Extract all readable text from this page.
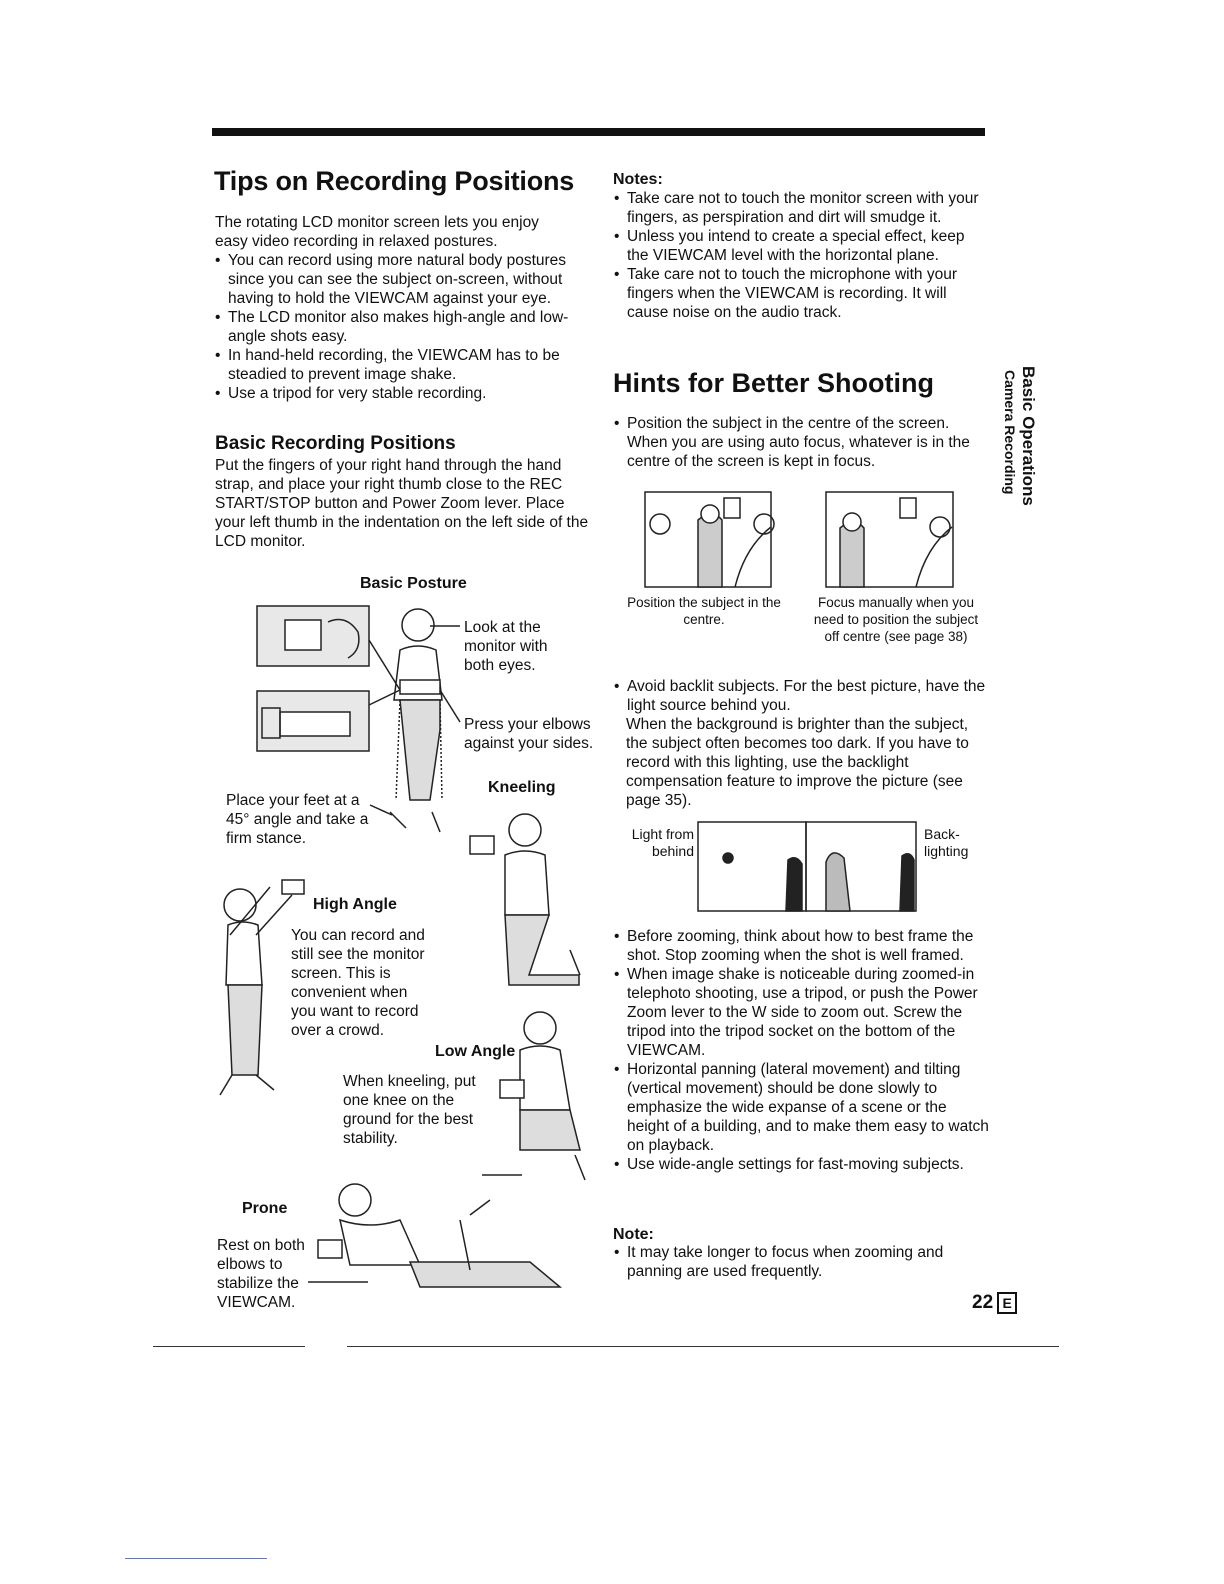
Tips on Recording Positions

The rotating LCD monitor screen lets you enjoy easy video recording in relaxed postures.

• You can record using more natural body postures since you can see the subject on-screen, without having to hold the VIEWCAM against your eye.
• The LCD monitor also makes high-angle and low-angle shots easy.
• In hand-held recording, the VIEWCAM has to be steadied to prevent image shake.
• Use a tripod for very stable recording.
Basic Recording Positions

Put the fingers of your right hand through the hand strap, and place your right thumb close to the REC START/STOP button and Power Zoom lever. Place your left thumb in the indentation on the left side of the LCD monitor.

Basic Posture
Look at the monitor with both eyes.
Press your elbows against your sides.
Place your feet at a 45° angle and take a firm stance.
Kneeling
High Angle
You can record and still see the monitor screen. This is convenient when you want to record over a crowd.
Low Angle
When kneeling, put one knee on the ground for the best stability.
Prone
Rest on both elbows to stabilize the VIEWCAM.
Notes:
• Take care not to touch the monitor screen with your fingers, as perspiration and dirt will smudge it.
• Unless you intend to create a special effect, keep the VIEWCAM level with the horizontal plane.
• Take care not to touch the microphone with your fingers when the VIEWCAM is recording. It will cause noise on the audio track.
Hints for Better Shooting
• Position the subject in the centre of the screen. When you are using auto focus, whatever is in the centre of the screen is kept in focus.
Position the subject in the centre.
Focus manually when you need to position the subject off centre (see page 38)
• Avoid backlit subjects. For the best picture, have the light source behind you.

When the background is brighter than the subject, the subject often becomes too dark. If you have to record with this lighting, use the backlight compensation feature to improve the picture (see page 35).

Light from behind
Back-lighting
• Before zooming, think about how to best frame the shot. Stop zooming when the shot is well framed.
• When image shake is noticeable during zoomed-in telephoto shooting, use a tripod, or push the Power Zoom lever to the W side to zoom out. Screw the tripod into the tripod socket on the bottom of the VIEWCAM.
• Horizontal panning (lateral movement) and tilting (vertical movement) should be done slowly to emphasize the wide expanse of a scene or the height of a building, and to make them easy to watch on playback.
• Use wide-angle settings for fast-moving subjects.
Note:
• It may take longer to focus when zooming and panning are used frequently.
Basic Operations
Camera Recording
22 E
